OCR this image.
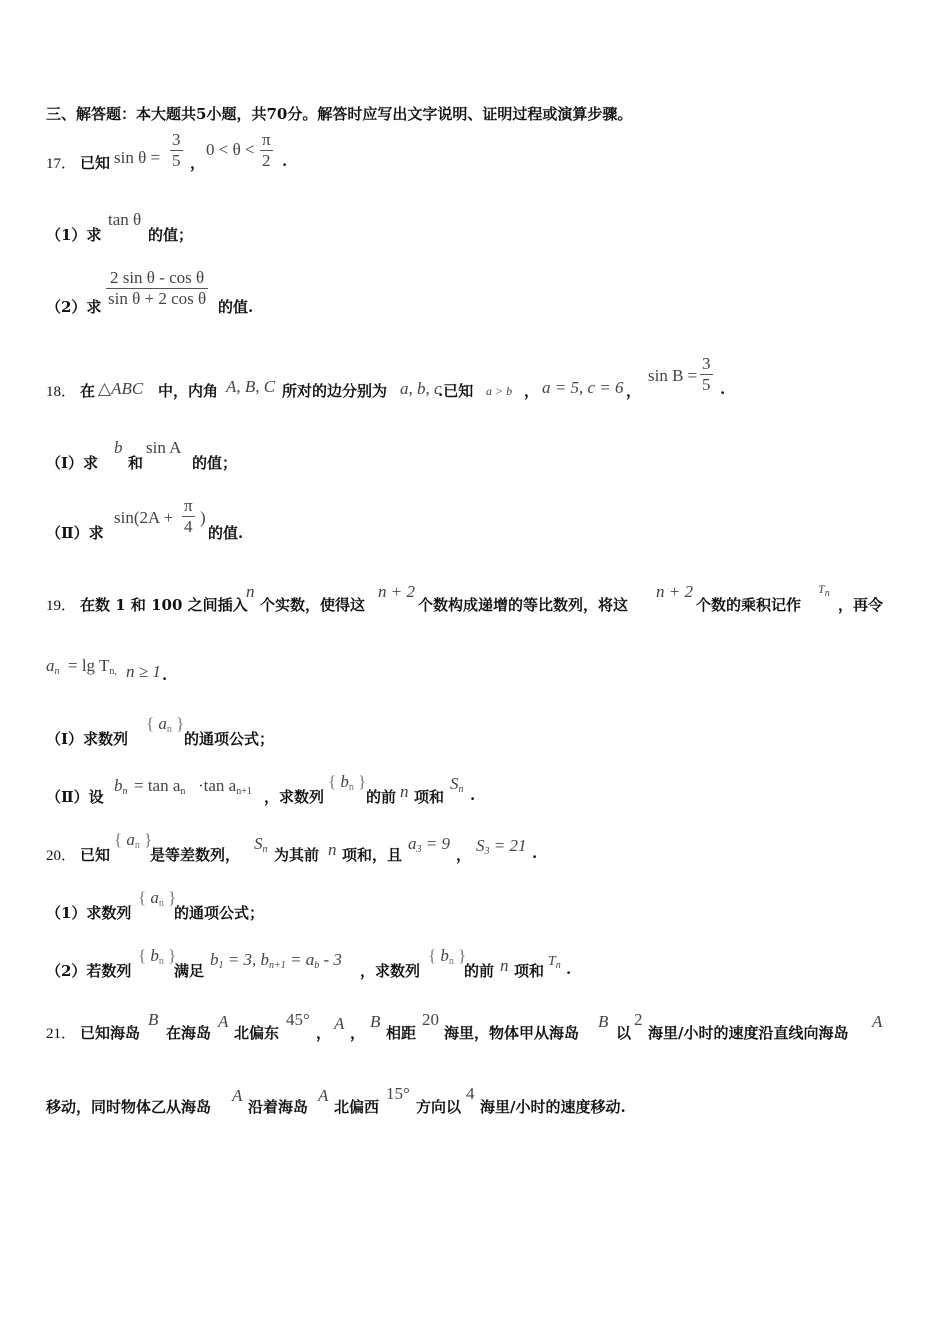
三、解答题：本大题共5小题，共70分。解答时应写出文字说明、证明过程或演算步骤。
17． 已知 $\sin \theta = \frac{3}{5}$ ，
$0 < \theta < \frac{\pi}{2}$ .
（1）求
tan θ
的值；
（2）求 $\frac{\text{2 sin θ - cos θ}}{\text{sin θ + 2 cos θ}}$ 的值.
18． 在 △ABC 中，内角 A, B, C 所对的边分别为 a, b, c
.已知 a > b ， a = 5, c = 6 ，
$\sin B = \frac{3}{5}$ .
（Ⅰ）求
b
和
sin A
的值；
（Ⅱ）求
$\sin(2A + \frac{\pi}{4}$ )
的值.
19． 在数 1 和 100 之间插入
n
个实数，使得这
n + 2
个数构成递增的等比数列，将这
n + 2
个数的乘积记作
$T_n$
，再令
$a_n = \lg T_{n,}$ n ≥ 1 .
（Ⅰ）求数列
{ $a_n$ }
的通项公式；
（Ⅱ）设
$b_n = \tan a_n \cdot\tan$ $a_{n+1}$ ，求数列
{ $b_n$ }
的前 n 项和
$S_n$ .
20． 已知
{ $a_n$ }
是等差数列，
$S_n$ 为其前 n 项和，且
$a_3 = 9$
， $S_3 = 21$ .
（1）求数列
{ $a_n$ }
的通项公式；
（2）若数列
{ $b_n$ }
满足
$b_1 = 3$, $b_{n+1} = a_b - 3$
，求数列
{ $b_n$ }
的前 n 项和
$T_n$ .
21． 已知海岛
B
在海岛
A
北偏东
45°
， A ，
B
相距
20
海里，物体甲从海岛
B
以
2
海里/小时的速度沿直线向海岛
A
移动，同时物体乙从海岛
A
沿着海岛
A
北偏西
15°
方向以
4
海里/小时的速度移动.
